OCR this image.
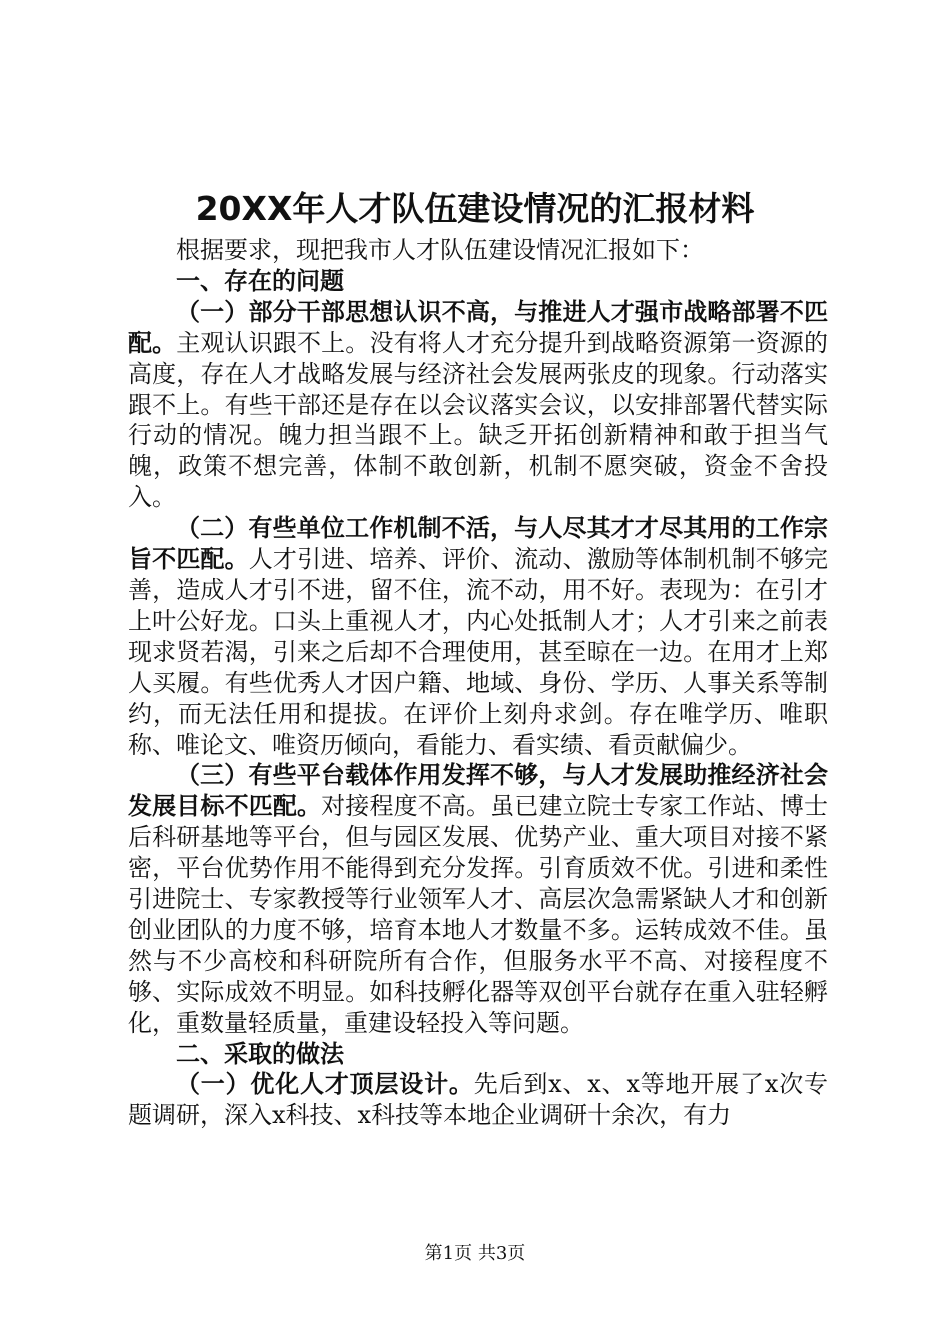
20XX年人才队伍建设情况的汇报材料

根据要求，现把我市人才队伍建设情况汇报如下：

一、存在的问题

（一）部分干部思想认识不高，与推进人才强市战略部署不匹配。主观认识跟不上。没有将人才充分提升到战略资源第一资源的高度，存在人才战略发展与经济社会发展两张皮的现象。行动落实跟不上。有些干部还是存在以会议落实会议，以安排部署代替实际行动的情况。魄力担当跟不上。缺乏开拓创新精神和敢于担当气魄，政策不想完善，体制不敢创新，机制不愿突破，资金不舍投入。

（二）有些单位工作机制不活，与人尽其才才尽其用的工作宗旨不匹配。人才引进、培养、评价、流动、激励等体制机制不够完善，造成人才引不进，留不住，流不动，用不好。表现为：在引才上叶公好龙。口头上重视人才，内心处抵制人才；人才引来之前表现求贤若渴，引来之后却不合理使用，甚至晾在一边。在用才上郑人买履。有些优秀人才因户籍、地域、身份、学历、人事关系等制约，而无法任用和提拔。在评价上刻舟求剑。存在唯学历、唯职称、唯论文、唯资历倾向，看能力、看实绩、看贡献偏少。

（三）有些平台载体作用发挥不够，与人才发展助推经济社会发展目标不匹配。对接程度不高。虽已建立院士专家工作站、博士后科研基地等平台，但与园区发展、优势产业、重大项目对接不紧密，平台优势作用不能得到充分发挥。引育质效不优。引进和柔性引进院士、专家教授等行业领军人才、高层次急需紧缺人才和创新创业团队的力度不够，培育本地人才数量不多。运转成效不佳。虽然与不少高校和科研院所有合作，但服务水平不高、对接程度不够、实际成效不明显。如科技孵化器等双创平台就存在重入驻轻孵化，重数量轻质量，重建设轻投入等问题。

二、采取的做法

（一）优化人才顶层设计。先后到x、x、x等地开展了x次专题调研，深入x科技、x科技等本地企业调研十余次，有力

第1页 共3页
